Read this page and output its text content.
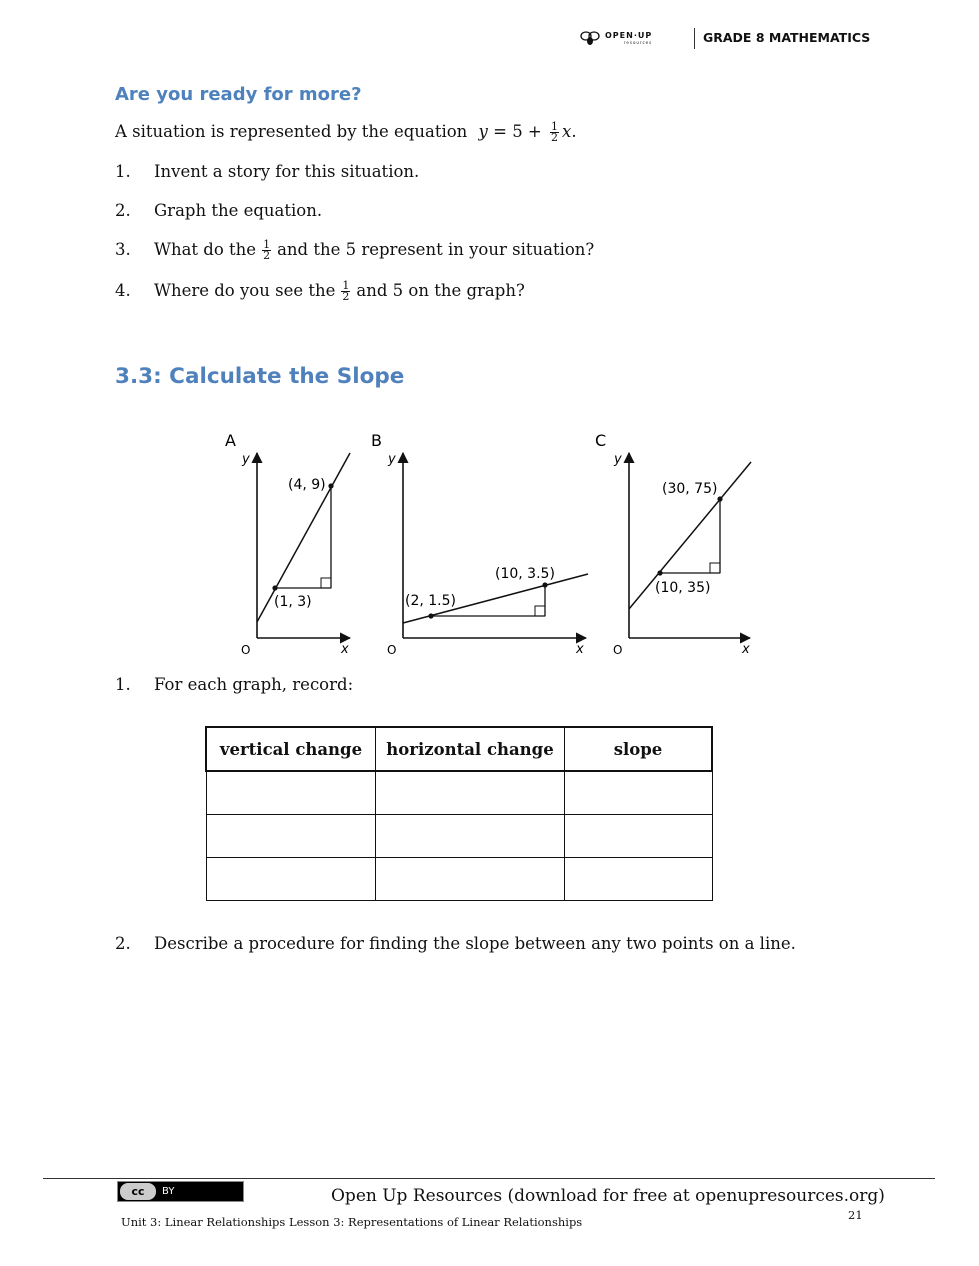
OPEN·UP
resources	GRADE 8 MATHEMATICS
Are you ready for more?
A situation is represented by the equation $y = 5 + \frac{1}{2} x$.
1. Invent a story for this situation.
2. Graph the equation.
3. What do the $\frac{1}{2}$ and the 5 represent in your situation?
4. Where do you see the $\frac{1}{2}$ and 5 on the graph?
3.3: Calculate the Slope
A
y
x
O
(1, 3)
(4, 9)
B
y
x
O
(2, 1.5)
(10, 3.5)
C
y
x
O
(10, 35)
(30, 75)
1. For each graph, record:
vertical change	horizontal change	slope

2. Describe a procedure for finding the slope between any two points on a line.
cc	BY	Open Up Resources (download for free at openupresources.org)
Unit 3: Linear Relationships Lesson 3: Representations of Linear Relationships	21
